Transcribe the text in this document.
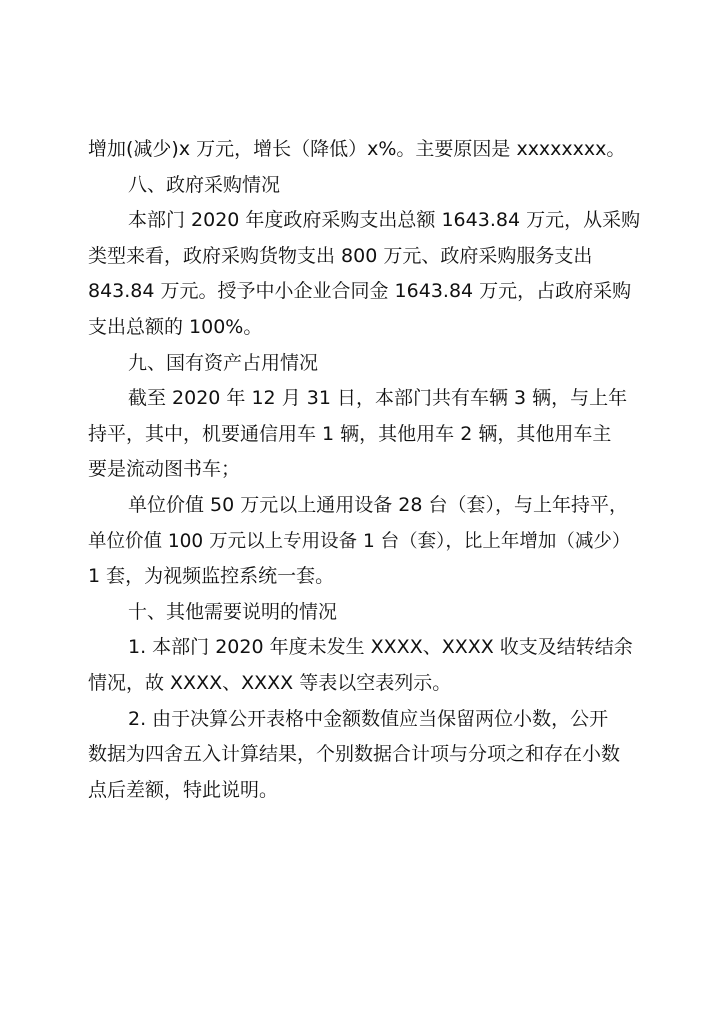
增加(减少)x 万元，增长（降低）x%。主要原因是 xxxxxxxx。
八、政府采购情况
本部门 2020 年度政府采购支出总额 1643.84 万元，从采购
类型来看，政府采购货物支出 800 万元、政府采购服务支出
843.84 万元。授予中小企业合同金 1643.84 万元，占政府采购
支出总额的 100%。
九、国有资产占用情况
截至 2020 年 12 月 31 日，本部门共有车辆 3 辆，与上年
持平，其中，机要通信用车 1 辆，其他用车 2 辆，其他用车主
要是流动图书车；
单位价值 50 万元以上通用设备 28 台（套），与上年持平，
单位价值 100 万元以上专用设备 1 台（套），比上年增加（减少）
1 套，为视频监控系统一套。
十、其他需要说明的情况
1. 本部门 2020 年度未发生 XXXX、XXXX 收支及结转结余
情况，故 XXXX、XXXX 等表以空表列示。
2. 由于决算公开表格中金额数值应当保留两位小数，公开
数据为四舍五入计算结果，个别数据合计项与分项之和存在小数
点后差额，特此说明。
